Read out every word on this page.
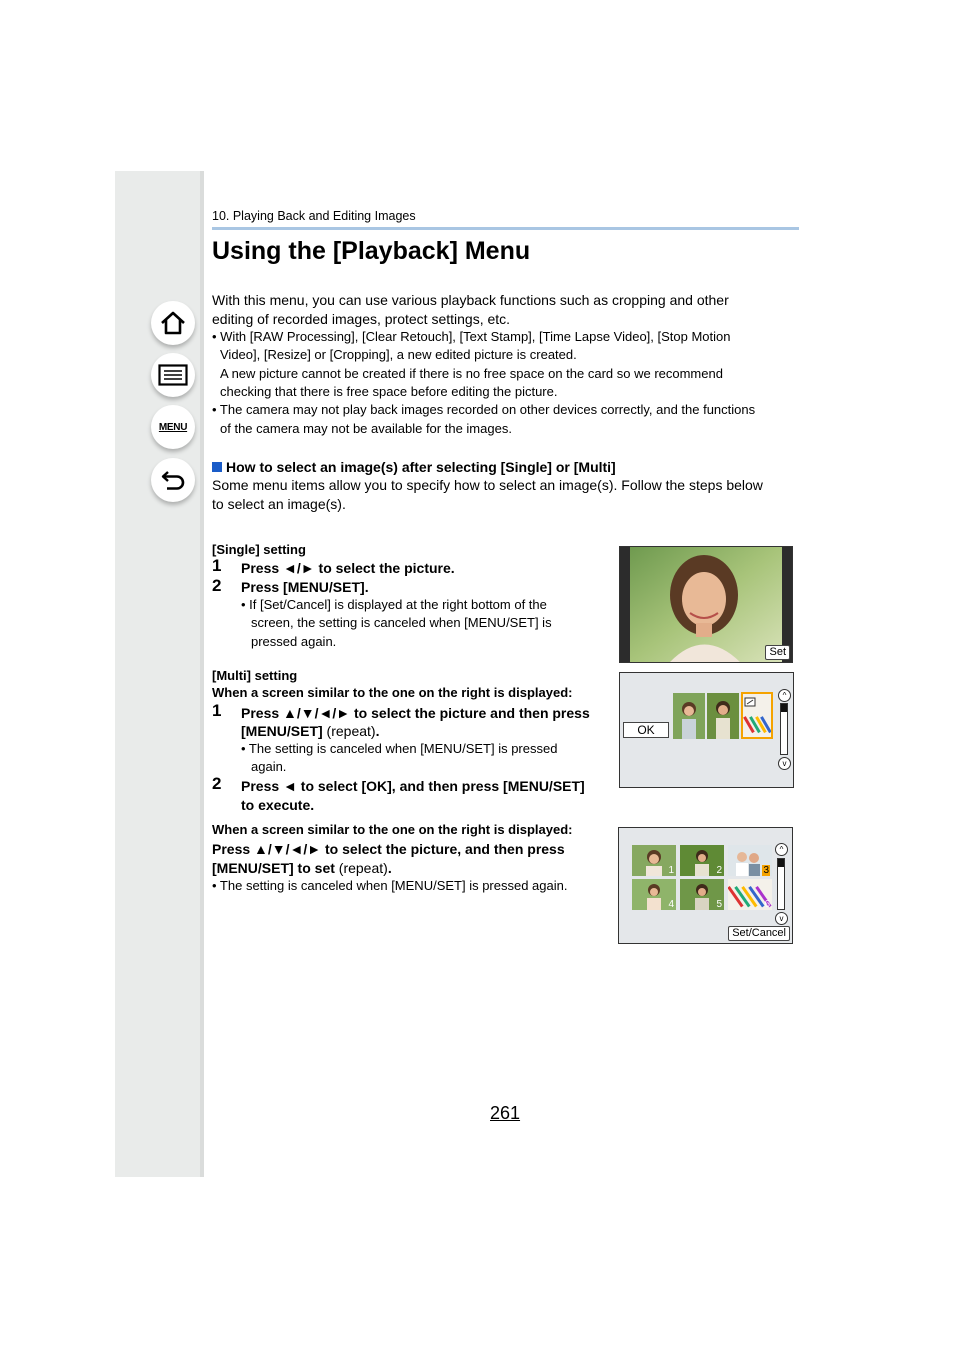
MENU
10. Playing Back and Editing Images
Using the [Playback] Menu
With this menu, you can use various playback functions such as cropping and other
editing of recorded images, protect settings, etc.
• With [RAW Processing], [Clear Retouch], [Text Stamp], [Time Lapse Video], [Stop Motion
Video], [Resize] or [Cropping], a new edited picture is created.
A new picture cannot be created if there is no free space on the card so we recommend
checking that there is free space before editing the picture.
• The camera may not play back images recorded on other devices correctly, and the functions
of the camera may not be available for the images.
How to select an image(s) after selecting [Single] or [Multi]
Some menu items allow you to specify how to select an image(s). Follow the steps below
to select an image(s).
[Single] setting
1 Press ◄/► to select the picture.
2 Press [MENU/SET].
• If [Set/Cancel] is displayed at the right bottom of the
screen, the setting is canceled when [MENU/SET] is
pressed again.
Set
[Multi] setting
When a screen similar to the one on the right is displayed:
1 Press ▲/▼/◄/► to select the picture and then press
[MENU/SET] (repeat).
• The setting is canceled when [MENU/SET] is pressed
again.
2 Press ◄ to select [OK], and then press [MENU/SET]
to execute.
OK
^
v
When a screen similar to the one on the right is displayed:
Press ▲/▼/◄/► to select the picture, and then press
[MENU/SET] to set (repeat).
• The setting is canceled when [MENU/SET] is pressed again.
1	2	3
4	5	6
^
v
Set/Cancel
261
